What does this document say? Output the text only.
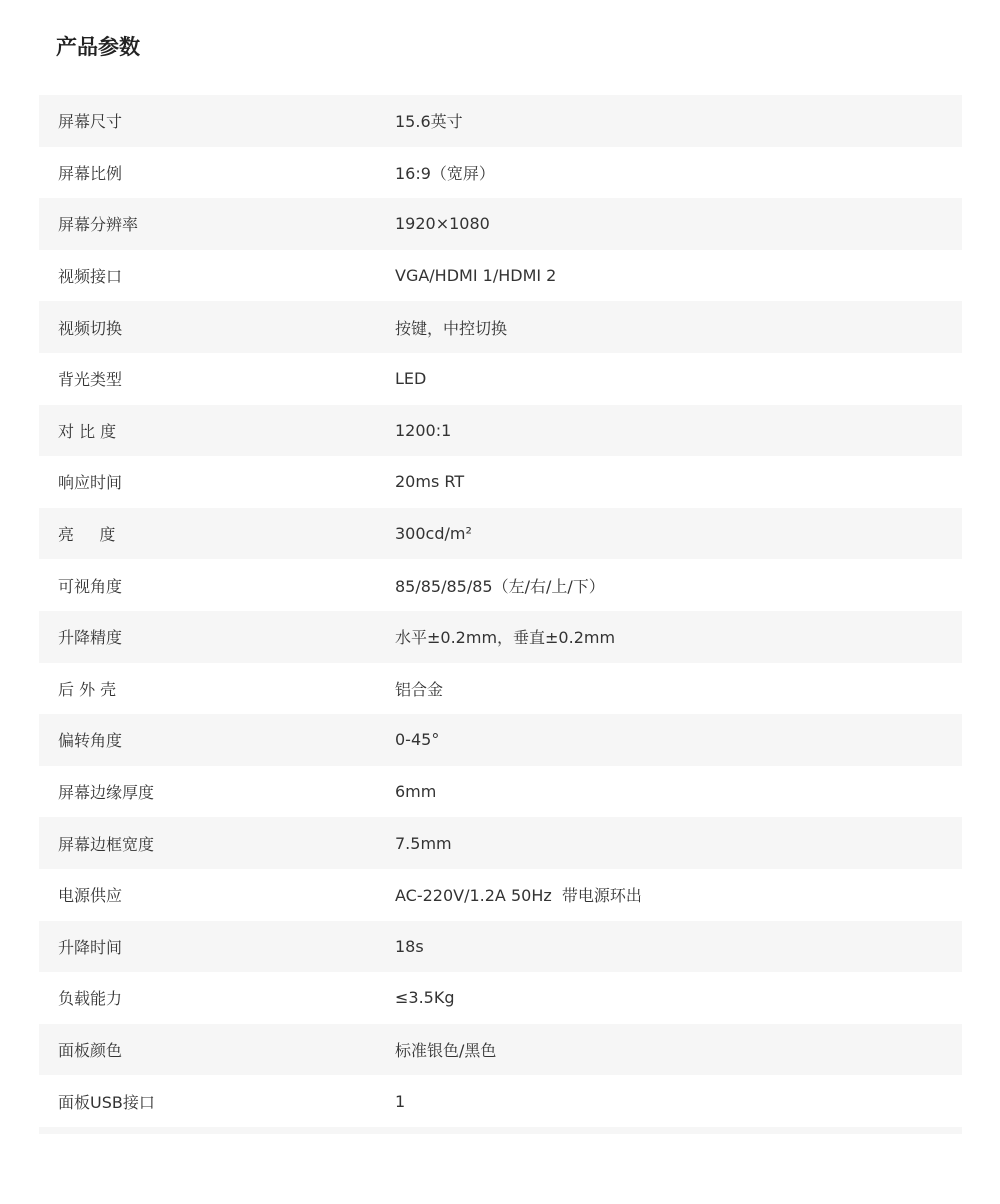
产品参数
屏幕尺寸	15.6英寸
屏幕比例	16:9（宽屏）
屏幕分辨率	1920×1080
视频接口	VGA/HDMI 1/HDMI 2
视频切换	按键，中控切换
背光类型	LED
对 比 度	1200:1
响应时间	20ms RT
亮     度	300cd/m²
可视角度	85/85/85/85（左/右/上/下）
升降精度	水平±0.2mm，垂直±0.2mm
后 外 壳	铝合金
偏转角度	0-45°
屏幕边缘厚度	6mm
屏幕边框宽度	7.5mm
电源供应	AC-220V/1.2A 50Hz  带电源环出
升降时间	18s
负载能力	≤3.5Kg
面板颜色	标准银色/黑色
面板USB接口	1
